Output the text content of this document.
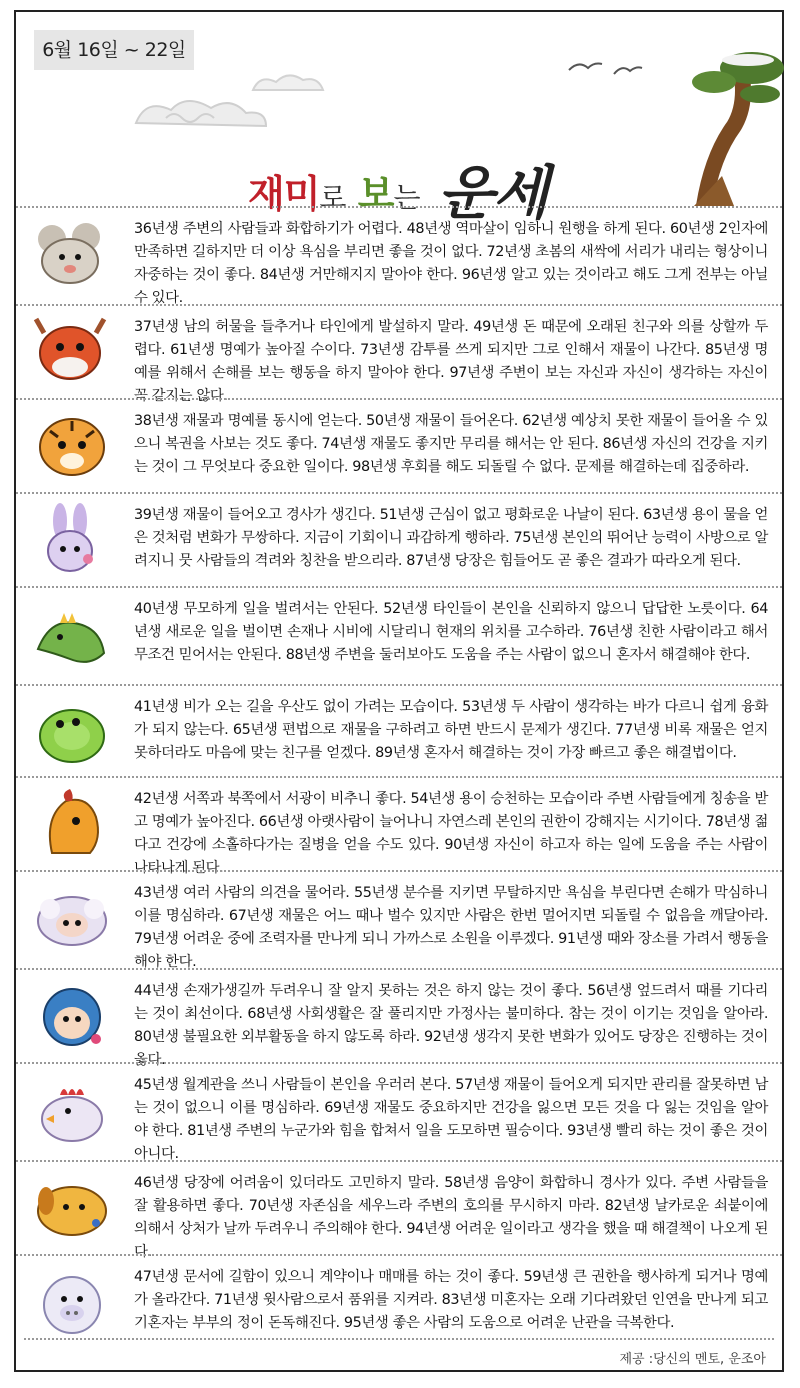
6월 16일 ~ 22일
재미로 보는 운세
36년생 주변의 사람들과 화합하기가 어렵다. 48년생 역마살이 임하니 원행을 하게 된다. 60년생 2인자에 만족하면 길하지만 더 이상 욕심을 부리면 좋을 것이 없다. 72년생 초봄의 새싹에 서리가 내리는 형상이니 자중하는 것이 좋다. 84년생 거만해지지 말아야 한다. 96년생 알고 있는 것이라고 해도 그게 전부는 아닐 수 있다.
37년생 남의 허물을 들추거나 타인에게 발설하지 말라. 49년생 돈 때문에 오래된 친구와 의를 상할까 두렵다. 61년생 명예가 높아질 수이다. 73년생 감투를 쓰게 되지만 그로 인해서 재물이 나간다. 85년생 명예를 위해서 손해를 보는 행동을 하지 말아야 한다. 97년생 주변이 보는 자신과 자신이 생각하는 자신이 꼭 같지는 않다.
38년생 재물과 명예를 동시에 얻는다. 50년생 재물이 들어온다. 62년생 예상치 못한 재물이 들어올 수 있으니 복권을 사보는 것도 좋다. 74년생 재물도 좋지만 무리를 해서는 안 된다. 86년생 자신의 건강을 지키는 것이 그 무엇보다 중요한 일이다. 98년생 후회를 해도 되돌릴 수 없다. 문제를 해결하는데 집중하라.
39년생 재물이 들어오고 경사가 생긴다. 51년생 근심이 없고 평화로운 나날이 된다. 63년생 용이 물을 얻은 것처럼 변화가 무쌍하다. 지금이 기회이니 과감하게 행하라. 75년생 본인의 뛰어난 능력이 사방으로 알려지니 뭇 사람들의 격려와 칭찬을 받으리라. 87년생 당장은 힘들어도 곧 좋은 결과가 따라오게 된다.
40년생 무모하게 일을 벌려서는 안된다. 52년생 타인들이 본인을 신뢰하지 않으니 답답한 노릇이다. 64년생 새로운 일을 벌이면 손재나 시비에 시달리니 현재의 위치를 고수하라. 76년생 친한 사람이라고 해서 무조건 믿어서는 안된다. 88년생 주변을 둘러보아도 도움을 주는 사람이 없으니 혼자서 해결해야 한다.
41년생 비가 오는 길을 우산도 없이 가려는 모습이다. 53년생 두 사람이 생각하는 바가 다르니 쉽게 융화가 되지 않는다. 65년생 편법으로 재물을 구하려고 하면 반드시 문제가 생긴다. 77년생 비록 재물은 얻지 못하더라도 마음에 맞는 친구를 얻겠다. 89년생 혼자서 해결하는 것이 가장 빠르고 좋은 해결법이다.
42년생 서쪽과 북쪽에서 서광이 비추니 좋다. 54년생 용이 승천하는 모습이라 주변 사람들에게 칭송을 받고 명예가 높아진다. 66년생 아랫사람이 늘어나니 자연스레 본인의 권한이 강해지는 시기이다. 78년생 젊다고 건강에 소홀하다가는 질병을 얻을 수도 있다. 90년생 자신이 하고자 하는 일에 도움을 주는 사람이 나타나게 된다.
43년생 여러 사람의 의견을 물어라. 55년생 분수를 지키면 무탈하지만 욕심을 부린다면 손해가 막심하니 이를 명심하라. 67년생 재물은 어느 때나 벌수 있지만 사람은 한번 멀어지면 되돌릴 수 없음을 깨달아라. 79년생 어려운 중에 조력자를 만나게 되니 가까스로 소원을 이루겠다. 91년생 때와 장소를 가려서 행동을 해야 한다.
44년생 손재가생길까 두려우니 잘 알지 못하는 것은 하지 않는 것이 좋다. 56년생 엎드려서 때를 기다리는 것이 최선이다. 68년생 사회생활은 잘 풀리지만 가정사는 불미하다. 참는 것이 이기는 것임을 알아라. 80년생 불필요한 외부활동을 하지 않도록 하라. 92년생 생각지 못한 변화가 있어도 당장은 진행하는 것이 옳다.
45년생 월계관을 쓰니 사람들이 본인을 우러러 본다. 57년생 재물이 들어오게 되지만 관리를 잘못하면 남는 것이 없으니 이를 명심하라. 69년생 재물도 중요하지만 건강을 잃으면 모든 것을 다 잃는 것임을 알아야 한다. 81년생 주변의 누군가와 힘을 합쳐서 일을 도모하면 필승이다. 93년생 빨리 하는 것이 좋은 것이 아니다.
46년생 당장에 어려움이 있더라도 고민하지 말라. 58년생 음양이 화합하니 경사가 있다. 주변 사람들을 잘 활용하면 좋다. 70년생 자존심을 세우느라 주변의 호의를 무시하지 마라. 82년생 날카로운 쇠붙이에 의해서 상처가 날까 두려우니 주의해야 한다. 94년생 어려운 일이라고 생각을 했을 때 해결책이 나오게 된다.
47년생 문서에 길함이 있으니 계약이나 매매를 하는 것이 좋다. 59년생 큰 권한을 행사하게 되거나 명예가 올라간다. 71년생 윗사람으로서 품위를 지켜라. 83년생 미혼자는 오래 기다려왔던 인연을 만나게 되고 기혼자는 부부의 정이 돈독해진다. 95년생 좋은 사람의 도움으로 어려운 난관을 극복한다.
제공 :당신의 멘토, 운조아
